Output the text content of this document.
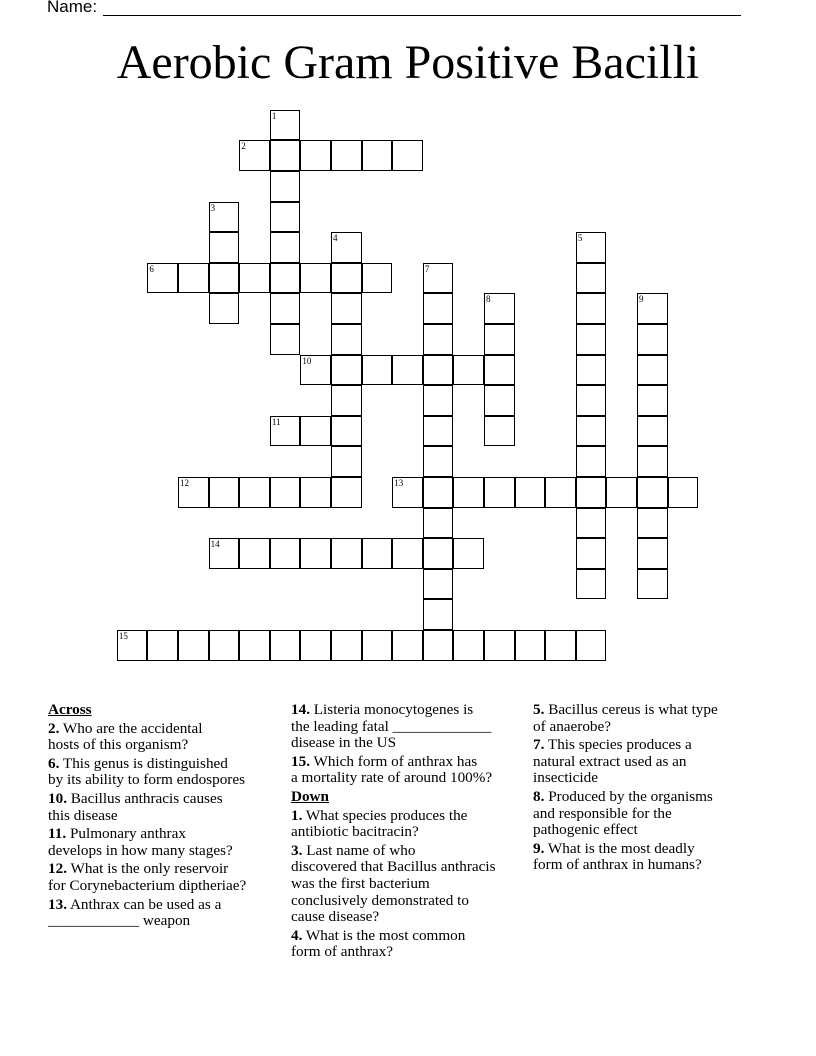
Name:
Aerobic Gram Positive Bacilli
1
2
3
4	5
6	7
8	9
10
11
12	13
14
15
Across
2. Who are the accidental
hosts of this organism?
6. This genus is distinguished
by its ability to form endospores
10. Bacillus anthracis causes
this disease
11. Pulmonary anthrax
develops in how many stages?
12. What is the only reservoir
for Corynebacterium diptheriae?
13. Anthrax can be used as a
____________ weapon
14. Listeria monocytogenes is
the leading fatal _____________
disease in the US
15. Which form of anthrax has
a mortality rate of around 100%?
Down
1. What species produces the
antibiotic bacitracin?
3. Last name of who
discovered that Bacillus anthracis
was the first bacterium
conclusively demonstrated to
cause disease?
4. What is the most common
form of anthrax?
5. Bacillus cereus is what type
of anaerobe?
7. This species produces a
natural extract used as an
insecticide
8. Produced by the organisms
and responsible for the
pathogenic effect
9. What is the most deadly
form of anthrax in humans?
